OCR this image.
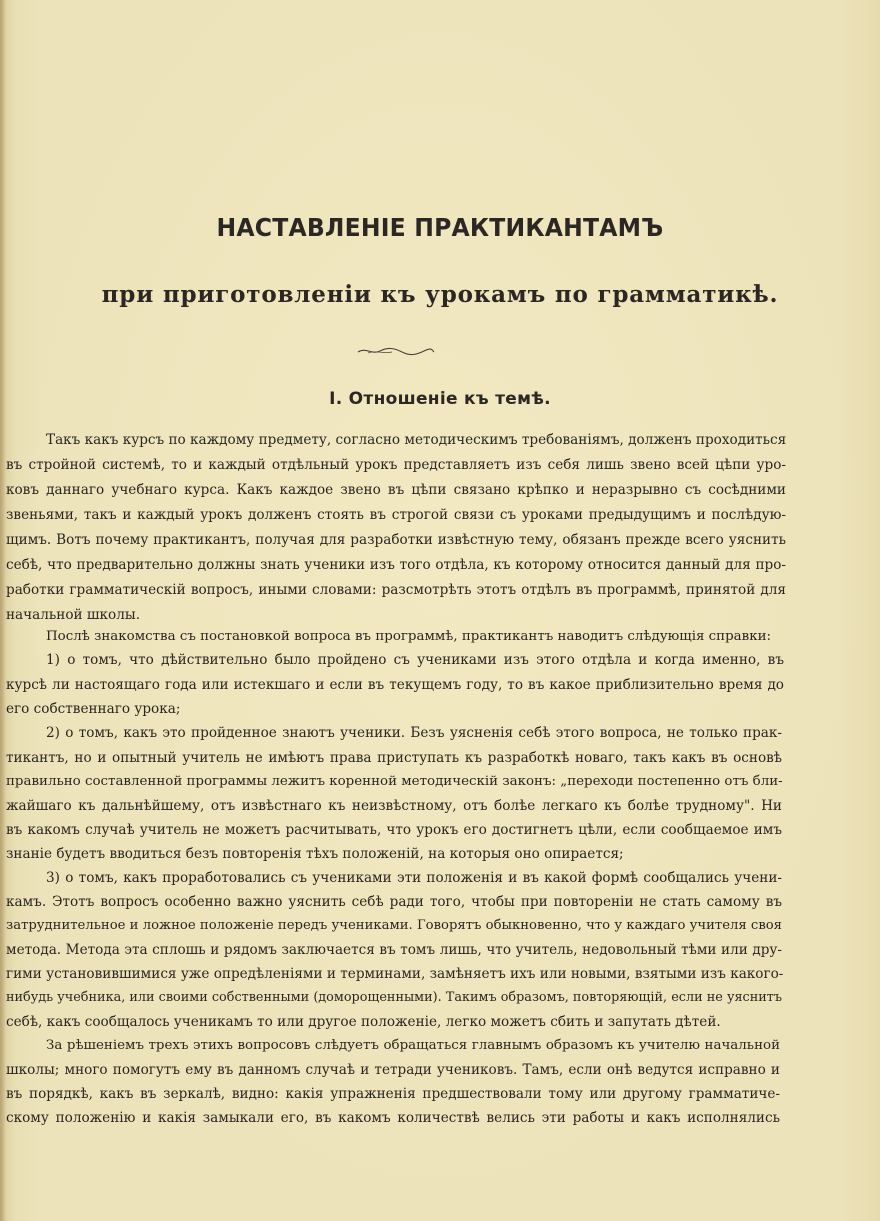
НАСТАВЛЕНІЕ ПРАКТИКАНТАМЪ
при приготовленіи къ урокамъ по грамматикѣ.
I. Отношеніе къ темѣ.
Такъ какъ курсъ по каждому предмету, согласно методическимъ требованіямъ, долженъ проходиться
въ стройной системѣ, то и каждый отдѣльный урокъ представляетъ изъ себя лишь звено всей цѣпи уро-
ковъ даннаго учебнаго курса. Какъ каждое звено въ цѣпи связано крѣпко и неразрывно съ сосѣдними
звеньями, такъ и каждый урокъ долженъ стоять въ строгой связи съ уроками предыдущимъ и послѣдую-
щимъ. Вотъ почему практикантъ, получая для разработки извѣстную тему, обязанъ прежде всего уяснить
себѣ, что предварительно должны знать ученики изъ того отдѣла, къ которому относится данный для про-
работки грамматическій вопросъ, иными словами: разсмотрѣть этотъ отдѣлъ въ программѣ, принятой для
начальной школы.
Послѣ знакомства съ постановкой вопроса въ программѣ, практикантъ наводитъ слѣдующія справки:
1) о томъ, что дѣйствительно было пройдено съ учениками изъ этого отдѣла и когда именно, въ
курсѣ ли настоящаго года или истекшаго и если въ текущемъ году, то въ какое приблизительно время до
его собственнаго урока;
2) о томъ, какъ это пройденное знаютъ ученики. Безъ уясненія себѣ этого вопроса, не только прак-
тикантъ, но и опытный учитель не имѣютъ права приступать къ разработкѣ новаго, такъ какъ въ основѣ
правильно составленной программы лежитъ коренной методическій законъ: „переходи постепенно отъ бли-
жайшаго къ дальнѣйшему, отъ извѣстнаго къ неизвѣстному, отъ болѣе легкаго къ болѣе трудному". Ни
въ какомъ случаѣ учитель не можетъ расчитывать, что урокъ его достигнетъ цѣли, если сообщаемое имъ
знаніе будетъ вводиться безъ повторенія тѣхъ положеній, на которыя оно опирается;
3) о томъ, какъ проработовались съ учениками эти положенія и въ какой формѣ сообщались учени-
камъ. Этотъ вопросъ особенно важно уяснить себѣ ради того, чтобы при повтореніи не стать самому въ
затруднительное и ложное положеніе передъ учениками. Говорятъ обыкновенно, что у каждаго учителя своя
метода. Метода эта сплошь и рядомъ заключается въ томъ лишь, что учитель, недовольный тѣми или дру-
гими установившимися уже опредѣленіями и терминами, замѣняетъ ихъ или новыми, взятыми изъ какого-
нибудь учебника, или своими собственными (доморощенными). Такимъ образомъ, повторяющій, если не уяснитъ
себѣ, какъ сообщалось ученикамъ то или другое положеніе, легко можетъ сбить и запутать дѣтей.
За рѣшеніемъ трехъ этихъ вопросовъ слѣдуетъ обращаться главнымъ образомъ къ учителю начальной
школы; много помогутъ ему въ данномъ случаѣ и тетради учениковъ. Тамъ, если онѣ ведутся исправно и
въ порядкѣ, какъ въ зеркалѣ, видно: какія упражненія предшествовали тому или другому грамматиче-
скому положенію и какія замыкали его, въ какомъ количествѣ велись эти работы и какъ исполнялись
